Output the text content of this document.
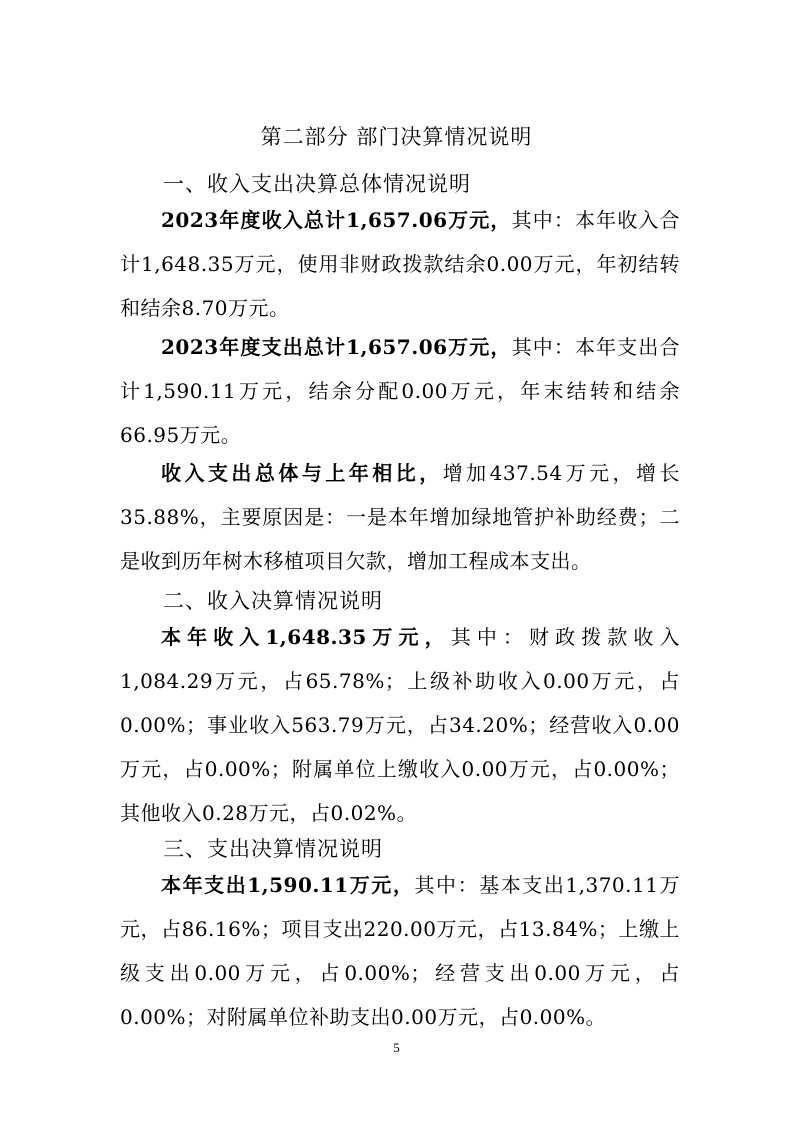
第二部分 部门决算情况说明
一、收入支出决算总体情况说明

2023年度收入总计1,657.06万元，其中：本年收入合计1,648.35万元，使用非财政拨款结余0.00万元，年初结转和结余8.70万元。

2023年度支出总计1,657.06万元，其中：本年支出合计1,590.11万元，结余分配0.00万元，年末结转和结余66.95万元。

收入支出总体与上年相比，增加437.54万元，增长35.88%，主要原因是：一是本年增加绿地管护补助经费；二是收到历年树木移植项目欠款，增加工程成本支出。

二、收入决算情况说明

本年收入1,648.35万元，其中：财政拨款收入1,084.29万元，占65.78%；上级补助收入0.00万元，占0.00%；事业收入563.79万元，占34.20%；经营收入0.00万元，占0.00%；附属单位上缴收入0.00万元，占0.00%；其他收入0.28万元，占0.02%。

三、支出决算情况说明

本年支出1,590.11万元，其中：基本支出1,370.11万元，占86.16%；项目支出220.00万元，占13.84%；上缴上级支出0.00万元，占0.00%；经营支出0.00万元，占0.00%；对附属单位补助支出0.00万元，占0.00%。

5
